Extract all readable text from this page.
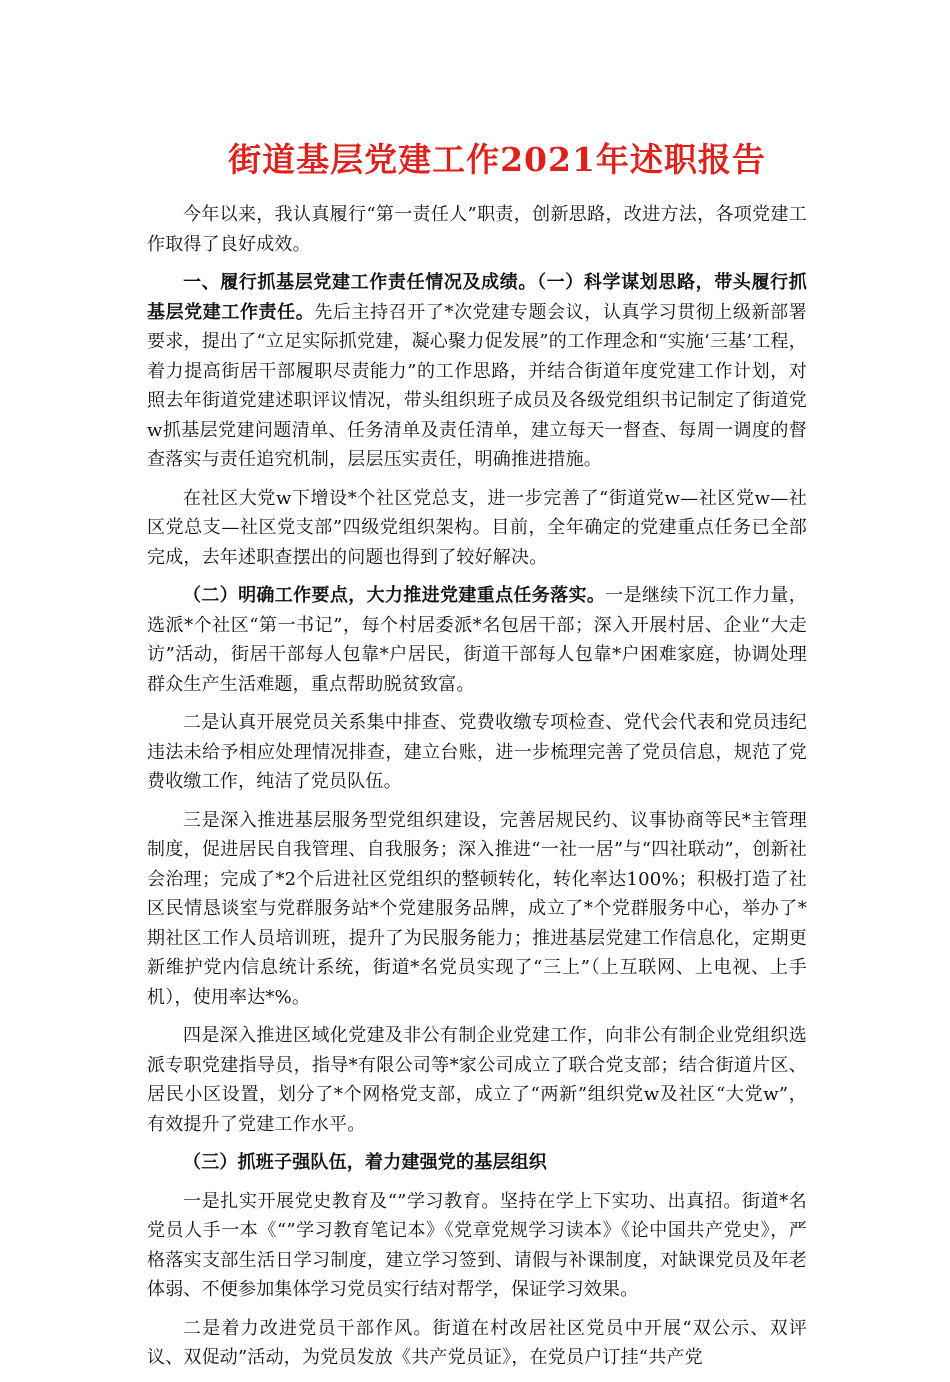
街道基层党建工作2021年述职报告

今年以来，我认真履行“第一责任人”职责，创新思路，改进方法，各项党建工作取得了良好成效。

一、履行抓基层党建工作责任情况及成绩。（一）科学谋划思路，带头履行抓基层党建工作责任。先后主持召开了*次党建专题会议，认真学习贯彻上级新部署要求，提出了“立足实际抓党建，凝心聚力促发展”的工作理念和“实施‘三基’工程，着力提高街居干部履职尽责能力”的工作思路，并结合街道年度党建工作计划，对照去年街道党建述职评议情况，带头组织班子成员及各级党组织书记制定了街道党w抓基层党建问题清单、任务清单及责任清单，建立每天一督查、每周一调度的督查落实与责任追究机制，层层压实责任，明确推进措施。

在社区大党w下增设*个社区党总支，进一步完善了“街道党w—社区党w—社区党总支—社区党支部”四级党组织架构。目前，全年确定的党建重点任务已全部完成，去年述职查摆出的问题也得到了较好解决。

（二）明确工作要点，大力推进党建重点任务落实。一是继续下沉工作力量，选派*个社区“第一书记”，每个村居委派*名包居干部；深入开展村居、企业“大走访”活动，街居干部每人包靠*户居民，街道干部每人包靠*户困难家庭，协调处理群众生产生活难题，重点帮助脱贫致富。

二是认真开展党员关系集中排查、党费收缴专项检查、党代会代表和党员违纪违法未给予相应处理情况排查，建立台账，进一步梳理完善了党员信息，规范了党费收缴工作，纯洁了党员队伍。

三是深入推进基层服务型党组织建设，完善居规民约、议事协商等民*主管理制度，促进居民自我管理、自我服务；深入推进“一社一居”与“四社联动”，创新社会治理；完成了*2个后进社区党组织的整顿转化，转化率达100%；积极打造了社区民情恳谈室与党群服务站*个党建服务品牌，成立了*个党群服务中心，举办了*期社区工作人员培训班，提升了为民服务能力；推进基层党建工作信息化，定期更新维护党内信息统计系统，街道*名党员实现了“三上”（上互联网、上电视、上手机），使用率达*%。

四是深入推进区域化党建及非公有制企业党建工作，向非公有制企业党组织选派专职党建指导员，指导*有限公司等*家公司成立了联合党支部；结合街道片区、居民小区设置，划分了*个网格党支部，成立了“两新”组织党w及社区“大党w”，有效提升了党建工作水平。

（三）抓班子强队伍，着力建强党的基层组织

一是扎实开展党史教育及“”学习教育。坚持在学上下实功、出真招。街道*名党员人手一本《“”学习教育笔记本》《党章党规学习读本》《论中国共产党史》，严格落实支部生活日学习制度，建立学习签到、请假与补课制度，对缺课党员及年老体弱、不便参加集体学习党员实行结对帮学，保证学习效果。

二是着力改进党员干部作风。街道在村改居社区党员中开展“双公示、双评议、双促动”活动，为党员发放《共产党员证》，在党员户订挂“共产党
